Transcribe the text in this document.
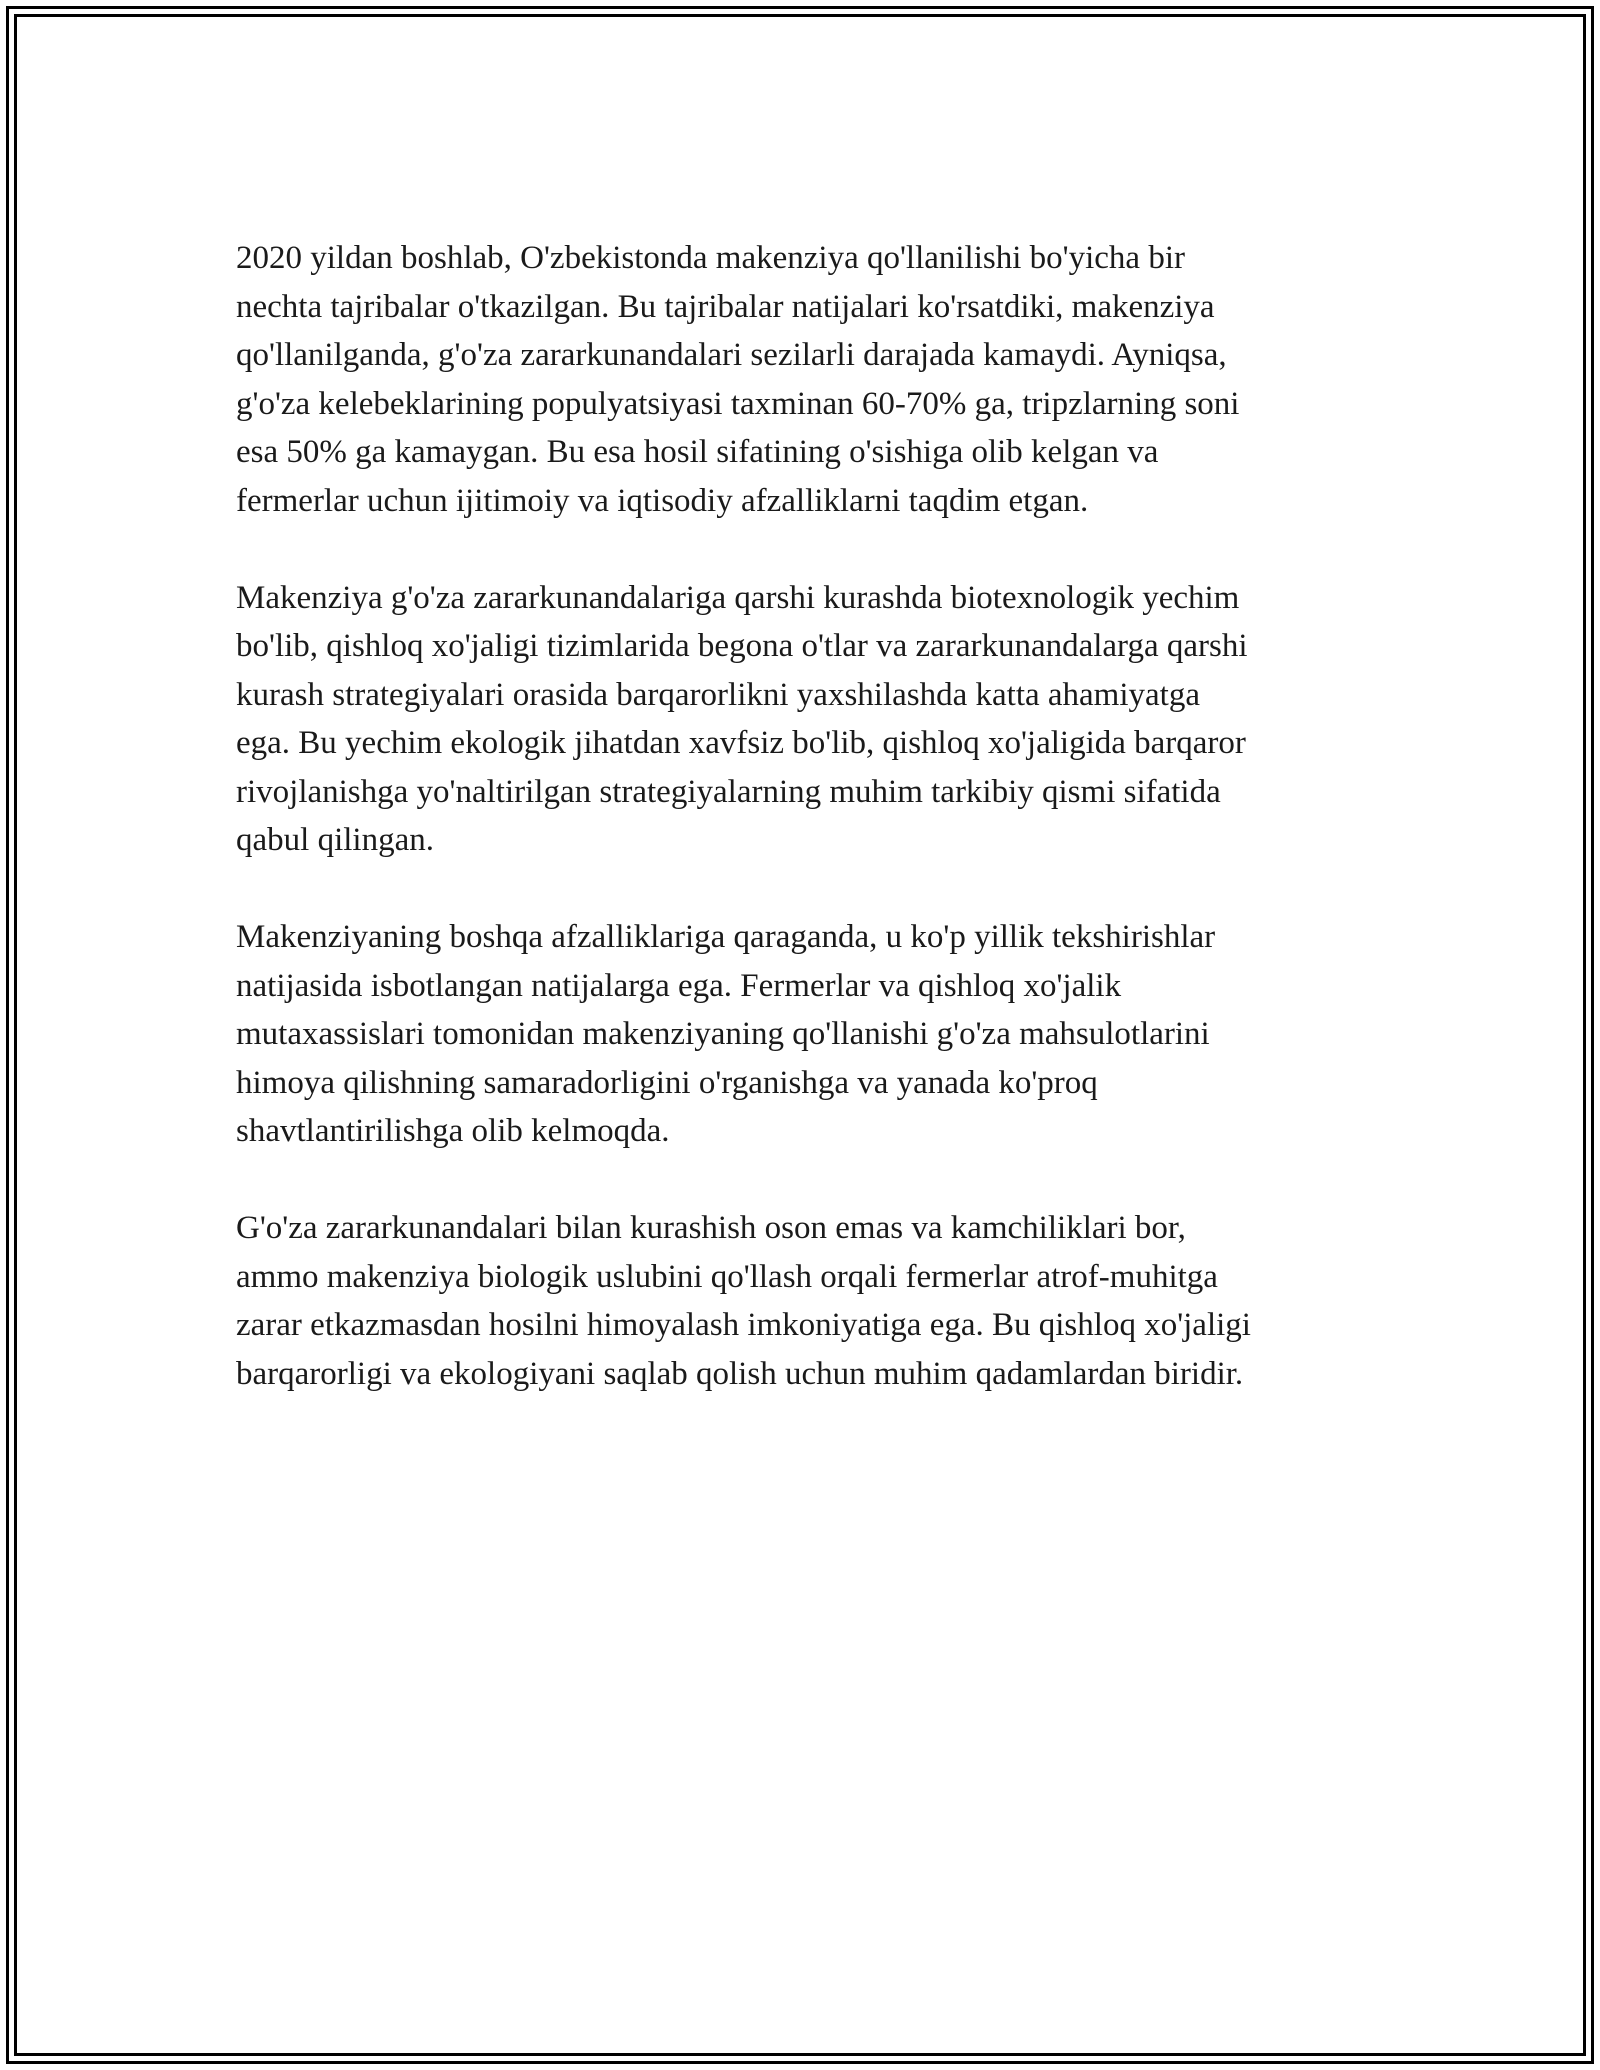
2020 yildan boshlab, O'zbekistonda makenziya qo'llanilishi bo'yicha bir
nechta tajribalar o'tkazilgan. Bu tajribalar natijalari ko'rsatdiki, makenziya
qo'llanilganda, g'o'za zararkunandalari sezilarli darajada kamaydi. Ayniqsa,
g'o'za kelebeklarining populyatsiyasi taxminan 60-70% ga, tripzlarning soni
esa 50% ga kamaygan. Bu esa hosil sifatining o'sishiga olib kelgan va
fermerlar uchun ijitimoiy va iqtisodiy afzalliklarni taqdim etgan.

Makenziya g'o'za zararkunandalariga qarshi kurashda biotexnologik yechim
bo'lib, qishloq xo'jaligi tizimlarida begona o'tlar va zararkunandalarga qarshi
kurash strategiyalari orasida barqarorlikni yaxshilashda katta ahamiyatga
ega. Bu yechim ekologik jihatdan xavfsiz bo'lib, qishloq xo'jaligida barqaror
rivojlanishga yo'naltirilgan strategiyalarning muhim tarkibiy qismi sifatida
qabul qilingan.

Makenziyaning boshqa afzalliklariga qaraganda, u ko'p yillik tekshirishlar
natijasida isbotlangan natijalarga ega. Fermerlar va qishloq xo'jalik
mutaxassislari tomonidan makenziyaning qo'llanishi g'o'za mahsulotlarini
himoya qilishning samaradorligini o'rganishga va yanada ko'proq
shavtlantirilishga olib kelmoqda.

G'o'za zararkunandalari bilan kurashish oson emas va kamchiliklari bor,
ammo makenziya biologik uslubini qo'llash orqali fermerlar atrof-muhitga
zarar etkazmasdan hosilni himoyalash imkoniyatiga ega. Bu qishloq xo'jaligi
barqarorligi va ekologiyani saqlab qolish uchun muhim qadamlardan biridir.
